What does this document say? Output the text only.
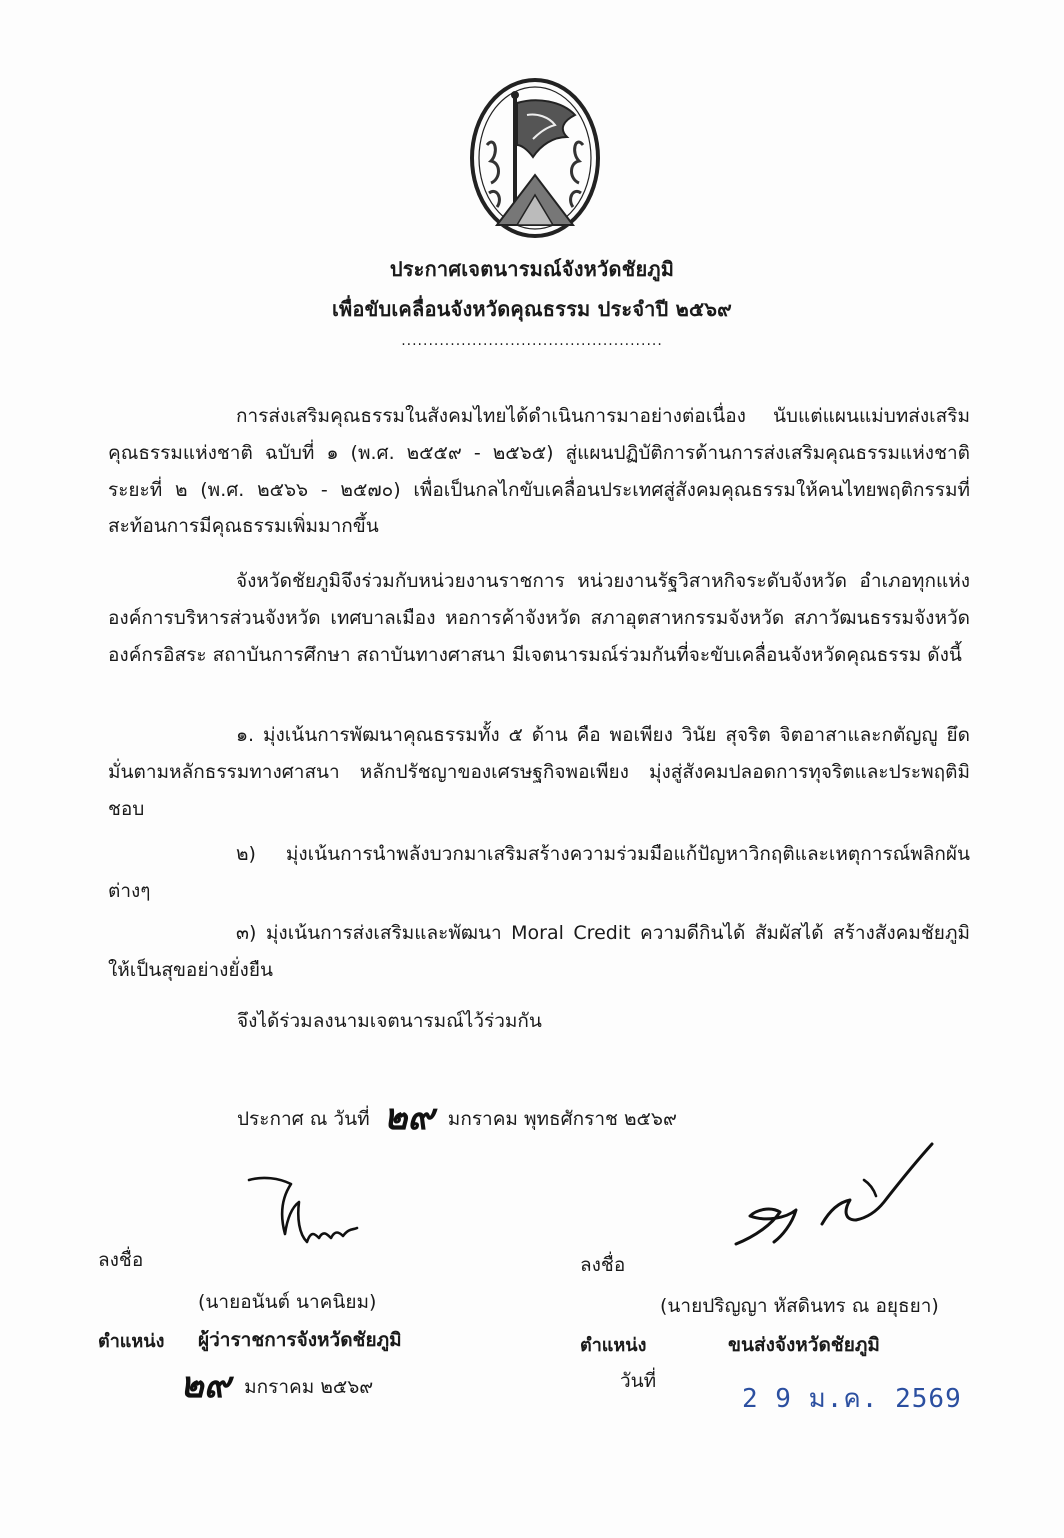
ประกาศเจตนารมณ์จังหวัดชัยภูมิ
เพื่อขับเคลื่อนจังหวัดคุณธรรม ประจำปี ๒๕๖๙
................................................
การส่งเสริมคุณธรรมในสังคมไทยได้ดำเนินการมาอย่างต่อเนื่อง นับแต่แผนแม่บทส่งเสริมคุณธรรมแห่งชาติ ฉบับที่ ๑ (พ.ศ. ๒๕๕๙ - ๒๕๖๕) สู่แผนปฏิบัติการด้านการส่งเสริมคุณธรรมแห่งชาติ ระยะที่ ๒ (พ.ศ. ๒๕๖๖ - ๒๕๗๐) เพื่อเป็นกลไกขับเคลื่อนประเทศสู่สังคมคุณธรรมให้คนไทยพฤติกรรมที่สะท้อนการมีคุณธรรมเพิ่มมากขึ้น
จังหวัดชัยภูมิจึงร่วมกับหน่วยงานราชการ หน่วยงานรัฐวิสาหกิจระดับจังหวัด อำเภอทุกแห่ง องค์การบริหารส่วนจังหวัด เทศบาลเมือง หอการค้าจังหวัด สภาอุตสาหกรรมจังหวัด สภาวัฒนธรรมจังหวัด องค์กรอิสระ สถาบันการศึกษา สถาบันทางศาสนา มีเจตนารมณ์ร่วมกันที่จะขับเคลื่อนจังหวัดคุณธรรม ดังนี้
๑. มุ่งเน้นการพัฒนาคุณธรรมทั้ง ๕ ด้าน คือ พอเพียง วินัย สุจริต จิตอาสาและกตัญญู ยึดมั่นตามหลักธรรมทางศาสนา หลักปรัชญาของเศรษฐกิจพอเพียง มุ่งสู่สังคมปลอดการทุจริตและประพฤติมิชอบ
๒) มุ่งเน้นการนำพลังบวกมาเสริมสร้างความร่วมมือแก้ปัญหาวิกฤติและเหตุการณ์พลิกผันต่างๆ
๓) มุ่งเน้นการส่งเสริมและพัฒนา Moral Credit ความดีกินได้ สัมผัสได้ สร้างสังคมชัยภูมิให้เป็นสุขอย่างยั่งยืน
จึงได้ร่วมลงนามเจตนารมณ์ไว้ร่วมกัน
ประกาศ ณ วันที่ ๒๙ มกราคม พุทธศักราช ๒๕๖๙
ลงชื่อ
(นายอนันต์ นาคนิยม)
ตำแหน่ง ผู้ว่าราชการจังหวัดชัยภูมิ
๒๙ มกราคม ๒๕๖๙
ลงชื่อ
(นายปริญญา หัสดินทร ณ อยุธยา)
ตำแหน่ง	ขนส่งจังหวัดชัยภูมิ
วันที่
2 9 ม.ค. 2569
